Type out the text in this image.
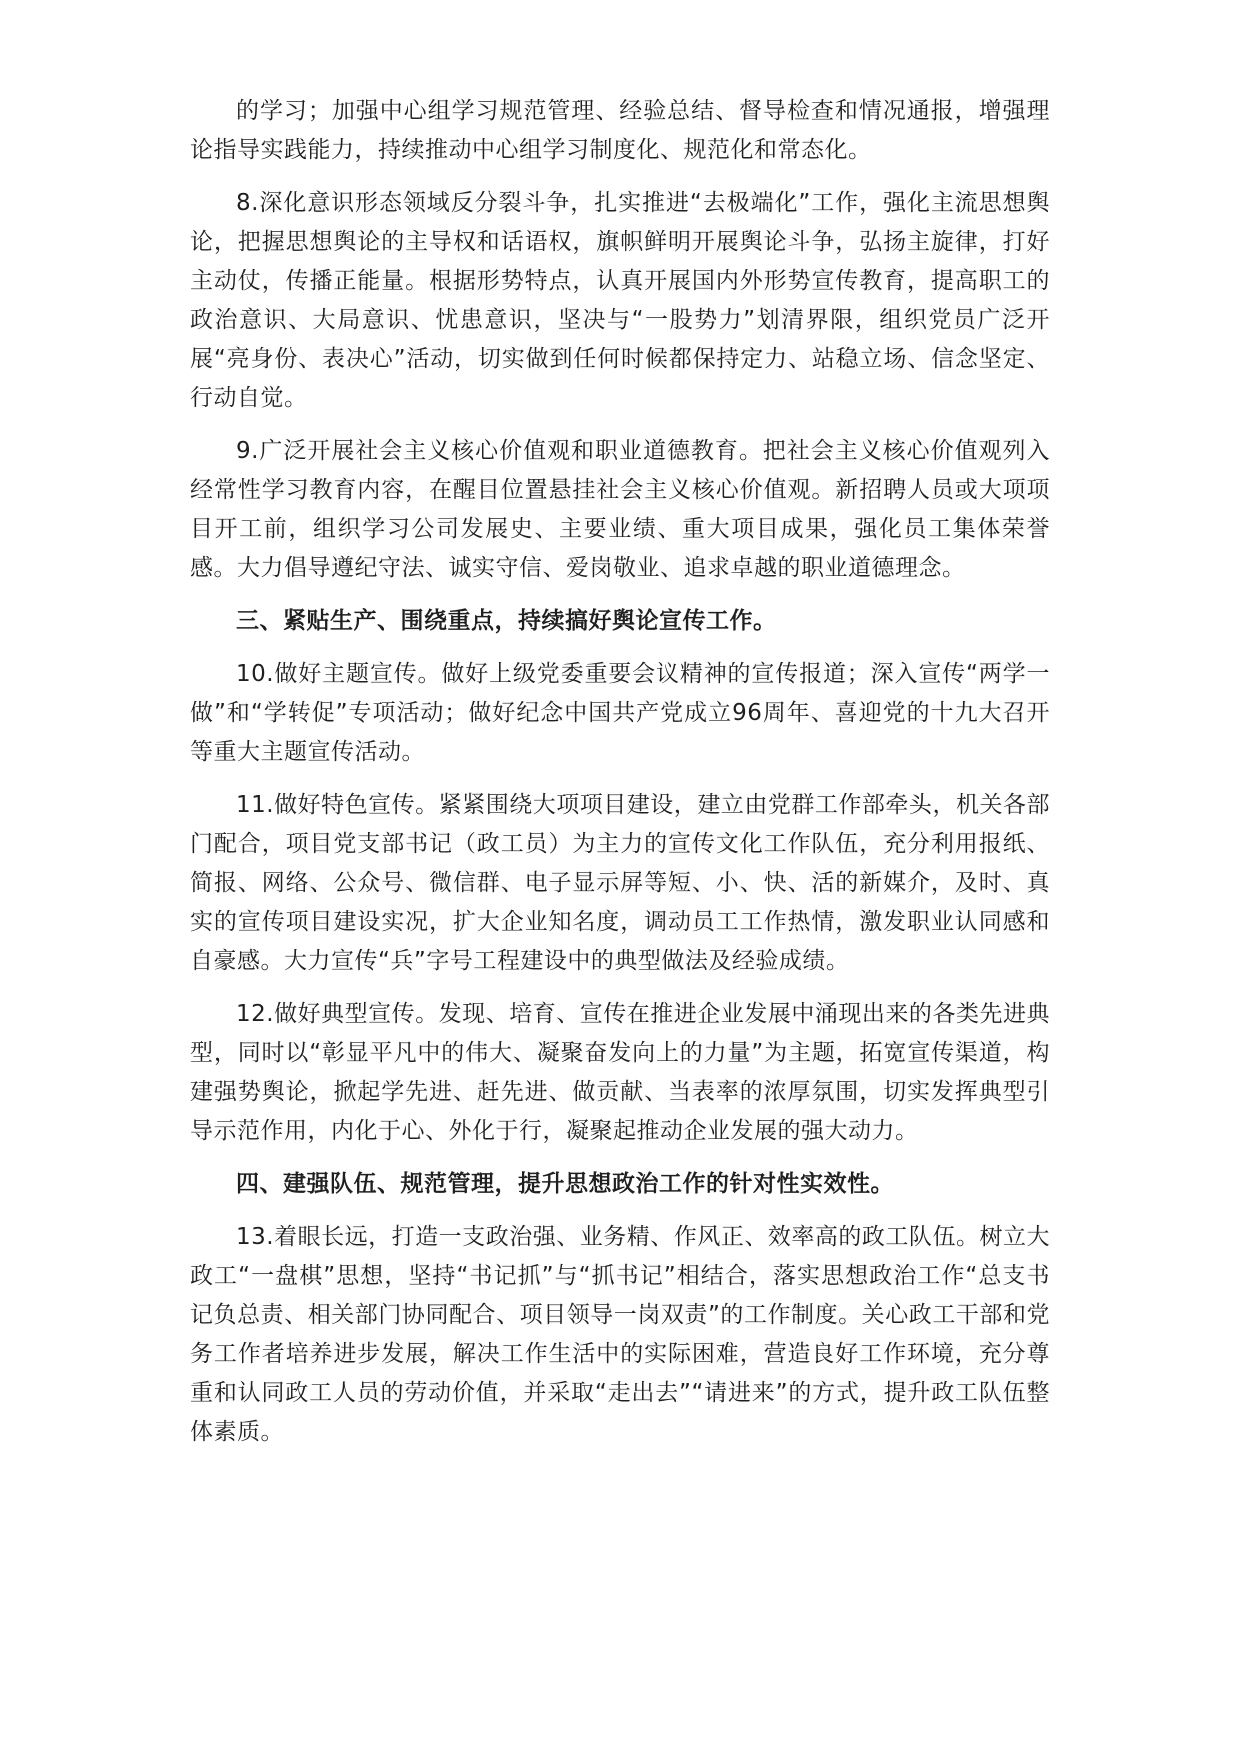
的学习；加强中心组学习规范管理、经验总结、督导检查和情况通报，增强理论指导实践能力，持续推动中心组学习制度化、规范化和常态化。

8.深化意识形态领域反分裂斗争，扎实推进“去极端化”工作，强化主流思想舆论，把握思想舆论的主导权和话语权，旗帜鲜明开展舆论斗争，弘扬主旋律，打好主动仗，传播正能量。根据形势特点，认真开展国内外形势宣传教育，提高职工的政治意识、大局意识、忧患意识，坚决与“一股势力”划清界限，组织党员广泛开展“亮身份、表决心”活动，切实做到任何时候都保持定力、站稳立场、信念坚定、行动自觉。

9.广泛开展社会主义核心价值观和职业道德教育。把社会主义核心价值观列入经常性学习教育内容，在醒目位置悬挂社会主义核心价值观。新招聘人员或大项项目开工前，组织学习公司发展史、主要业绩、重大项目成果，强化员工集体荣誉感。大力倡导遵纪守法、诚实守信、爱岗敬业、追求卓越的职业道德理念。

三、紧贴生产、围绕重点，持续搞好舆论宣传工作。

10.做好主题宣传。做好上级党委重要会议精神的宣传报道；深入宣传“两学一做”和“学转促”专项活动；做好纪念中国共产党成立96周年、喜迎党的十九大召开等重大主题宣传活动。

11.做好特色宣传。紧紧围绕大项项目建设，建立由党群工作部牵头，机关各部门配合，项目党支部书记（政工员）为主力的宣传文化工作队伍，充分利用报纸、简报、网络、公众号、微信群、电子显示屏等短、小、快、活的新媒介，及时、真实的宣传项目建设实况，扩大企业知名度，调动员工工作热情，激发职业认同感和自豪感。大力宣传“兵”字号工程建设中的典型做法及经验成绩。

12.做好典型宣传。发现、培育、宣传在推进企业发展中涌现出来的各类先进典型，同时以“彰显平凡中的伟大、凝聚奋发向上的力量”为主题，拓宽宣传渠道，构建强势舆论，掀起学先进、赶先进、做贡献、当表率的浓厚氛围，切实发挥典型引导示范作用，内化于心、外化于行，凝聚起推动企业发展的强大动力。

四、建强队伍、规范管理，提升思想政治工作的针对性实效性。

13.着眼长远，打造一支政治强、业务精、作风正、效率高的政工队伍。树立大政工“一盘棋”思想，坚持“书记抓”与“抓书记”相结合，落实思想政治工作“总支书记负总责、相关部门协同配合、项目领导一岗双责”的工作制度。关心政工干部和党务工作者培养进步发展，解决工作生活中的实际困难，营造良好工作环境，充分尊重和认同政工人员的劳动价值，并采取“走出去”“请进来”的方式，提升政工队伍整体素质。
